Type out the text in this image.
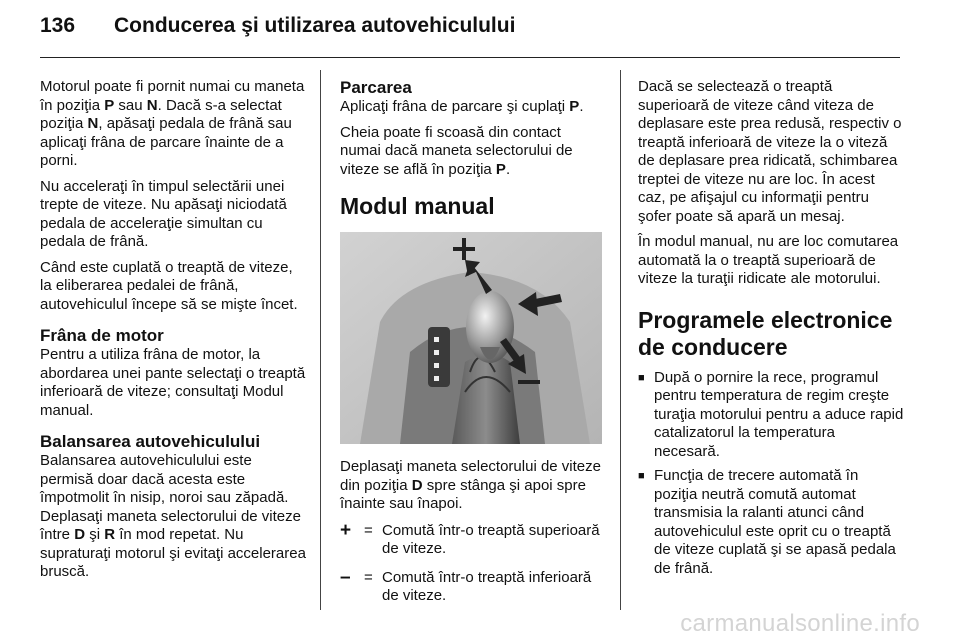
136 Conducerea şi utilizarea autovehiculului

Motorul poate fi pornit numai cu maneta în poziţia P sau N. Dacă s-a selectat poziţia N, apăsaţi pedala de frână sau aplicaţi frâna de parcare înainte de a porni.

Nu acceleraţi în timpul selectării unei trepte de viteze. Nu apăsaţi niciodată pedala de acceleraţie simultan cu pedala de frână.

Când este cuplată o treaptă de viteze, la eliberarea pedalei de frână, autovehiculul începe să se mişte încet.

Frâna de motor

Pentru a utiliza frâna de motor, la abordarea unei pante selectaţi o treaptă inferioară de viteze; consultaţi Modul manual.

Balansarea autovehiculului

Balansarea autovehiculului este permisă doar dacă acesta este împotmolit în nisip, noroi sau zăpadă.

Deplasaţi maneta selectorului de viteze între D şi R în mod repetat. Nu supraturaţi motorul şi evitaţi accelerarea bruscă.

Parcarea

Aplicaţi frâna de parcare şi cuplaţi P.

Cheia poate fi scoasă din contact numai dacă maneta selectorului de viteze se află în poziţia P.

Modul manual

Deplasaţi maneta selectorului de viteze din poziţia D spre stânga şi apoi spre înainte sau înapoi.

+ = Comută într-o treaptă superioară de viteze.
– = Comută într-o treaptă inferioară de viteze.

Dacă se selectează o treaptă superioară de viteze când viteza de deplasare este prea redusă, respectiv o treaptă inferioară de viteze la o viteză de deplasare prea ridicată, schimbarea treptei de viteze nu are loc. În acest caz, pe afişajul cu informaţii pentru şofer poate să apară un mesaj.

În modul manual, nu are loc comutarea automată la o treaptă superioară de viteze la turaţii ridicate ale motorului.

Programele electronice de conducere
■ După o pornire la rece, programul pentru temperatura de regim creşte turaţia motorului pentru a aduce rapid catalizatorul la temperatura necesară.
■ Funcţia de trecere automată în poziţia neutră comută automat transmisia la ralanti atunci când autovehiculul este oprit cu o treaptă de viteze cuplată şi se apasă pedala de frână.
carmanualsonline.info
